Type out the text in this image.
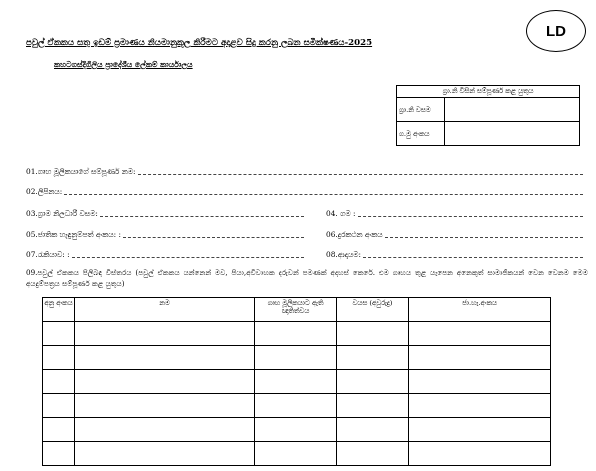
LD
පවුල් ඒකකය සතු ඉඩම් ප්‍රමාණය නියමානුකූල කිරීමට අදාළව සිදු කරනු ලබන සමීක්ෂණය-2025
කහටගස්දිගිලිය ප්‍රාදේශීය ලේකම් කාර්යාලය
ග්‍රා.නි විසින් සම්පූර්ණ කළ යුතුය	
ග්‍රා.නි වසම	
ග.මු අංකය	
01.ගෘහ මූලිකයාගේ සම්පූර්ණ නම:
02.ලිපිනය:
03.ග්‍රාම නිලධාරී වසම:	04. ගම :
05.ජාතික හැඳුනුම්පත් අංකය: :	06.දුරකථන අංකය
07.රැකියාව: :	08.ආදායම:
09.පවුල් ඒකකය පිලිබඳ විස්තරය (පවුල් ඒකකය යන්නෙන් මව, පියා,අවිවාහක දරුවන් පමණක් අදහස් කෙරේ. එම ගෘහය තුළ යැපෙන අනෙකුත් සාමාජිකයන් වෙන වෙනම මෙම අයදුම්පත්‍රය සම්පූර්ණ කළ යුතුය)
අනු අංකය	නම	ගෘහ මූලිකයාට ඇති ඥාතිත්වය	වයස (අවුරුදු)	ජා.හැ.අංකය
